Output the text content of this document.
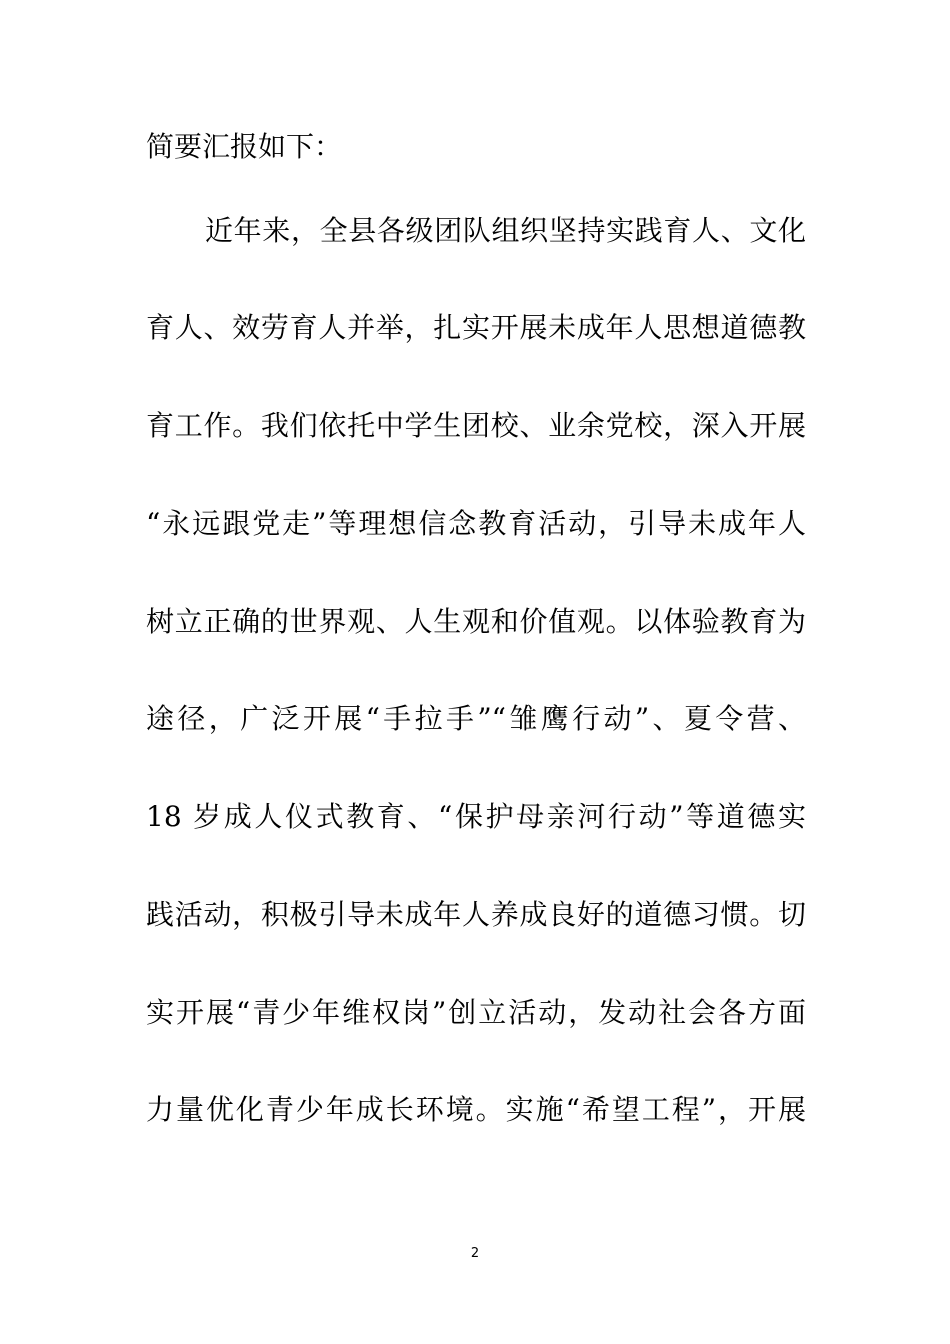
简要汇报如下：
近年来，全县各级团队组织坚持实践育人、文化
育人、效劳育人并举，扎实开展未成年人思想道德教
育工作。我们依托中学生团校、业余党校，深入开展
“永远跟党走”等理想信念教育活动，引导未成年人
树立正确的世界观、人生观和价值观。以体验教育为
途径，广泛开展“手拉手”“雏鹰行动”、夏令营、
18 岁成人仪式教育、“保护母亲河行动”等道德实
践活动，积极引导未成年人养成良好的道德习惯。切
实开展“青少年维权岗”创立活动，发动社会各方面
力量优化青少年成长环境。实施“希望工程”，开展
2
